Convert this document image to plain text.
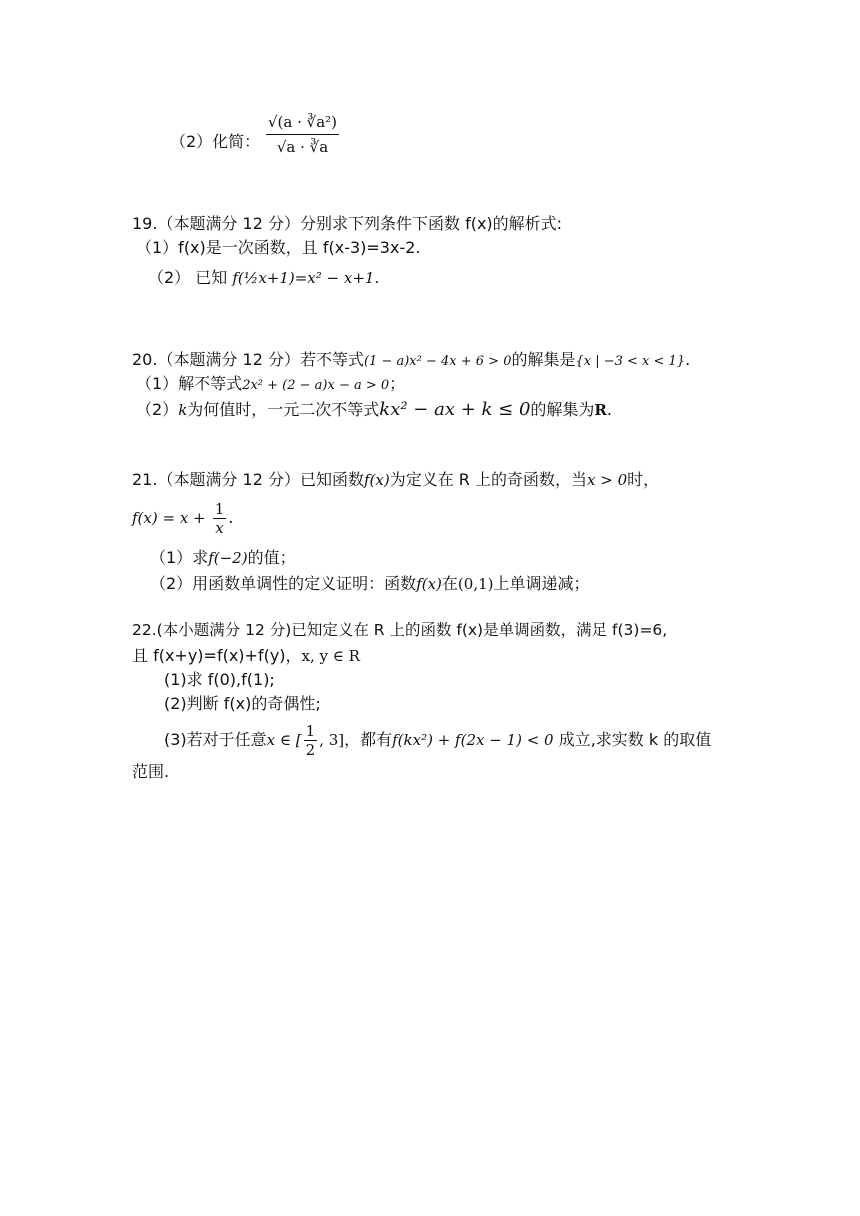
（2）化简： $\frac{\text{√(a · ∛a²)}}{√a \cdot ∛a}$
19.（本题满分 12 分）分别求下列条件下函数 f(x)的解析式:
（1）f(x)是一次函数，且 f(x-3)=3x-2.
（2） 已知 f(½x+1)=x² − x+1.
20.（本题满分 12 分）若不等式(1 − a)x² − 4x + 6 > 0的解集是{x | −3 < x < 1}.
（1）解不等式2x² + (2 − a)x − a > 0；
（2）k为何值时，一元二次不等式kx² − ax + k ≤ 0的解集为R.
21.（本题满分 12 分）已知函数f(x)为定义在 R 上的奇函数，当x > 0时，
$f(x) = x + \frac{1}{x}$ .
（1）求f(−2)的值；
（2）用函数单调性的定义证明：函数f(x)在(0,1)上单调递减；
22.(本小题满分 12 分)已知定义在 R 上的函数 f(x)是单调函数，满足 f(3)=6,
且 f(x+y)=f(x)+f(y)，x, y ∈ R
(1)求 f(0),f(1);
(2)判断 f(x)的奇偶性;
(3)若对于任意x ∈ [ $\frac{1}{2}$ , 3]，都有f(kx²) + f(2x − 1) < 0 成立,求实数 k 的取值
范围.
